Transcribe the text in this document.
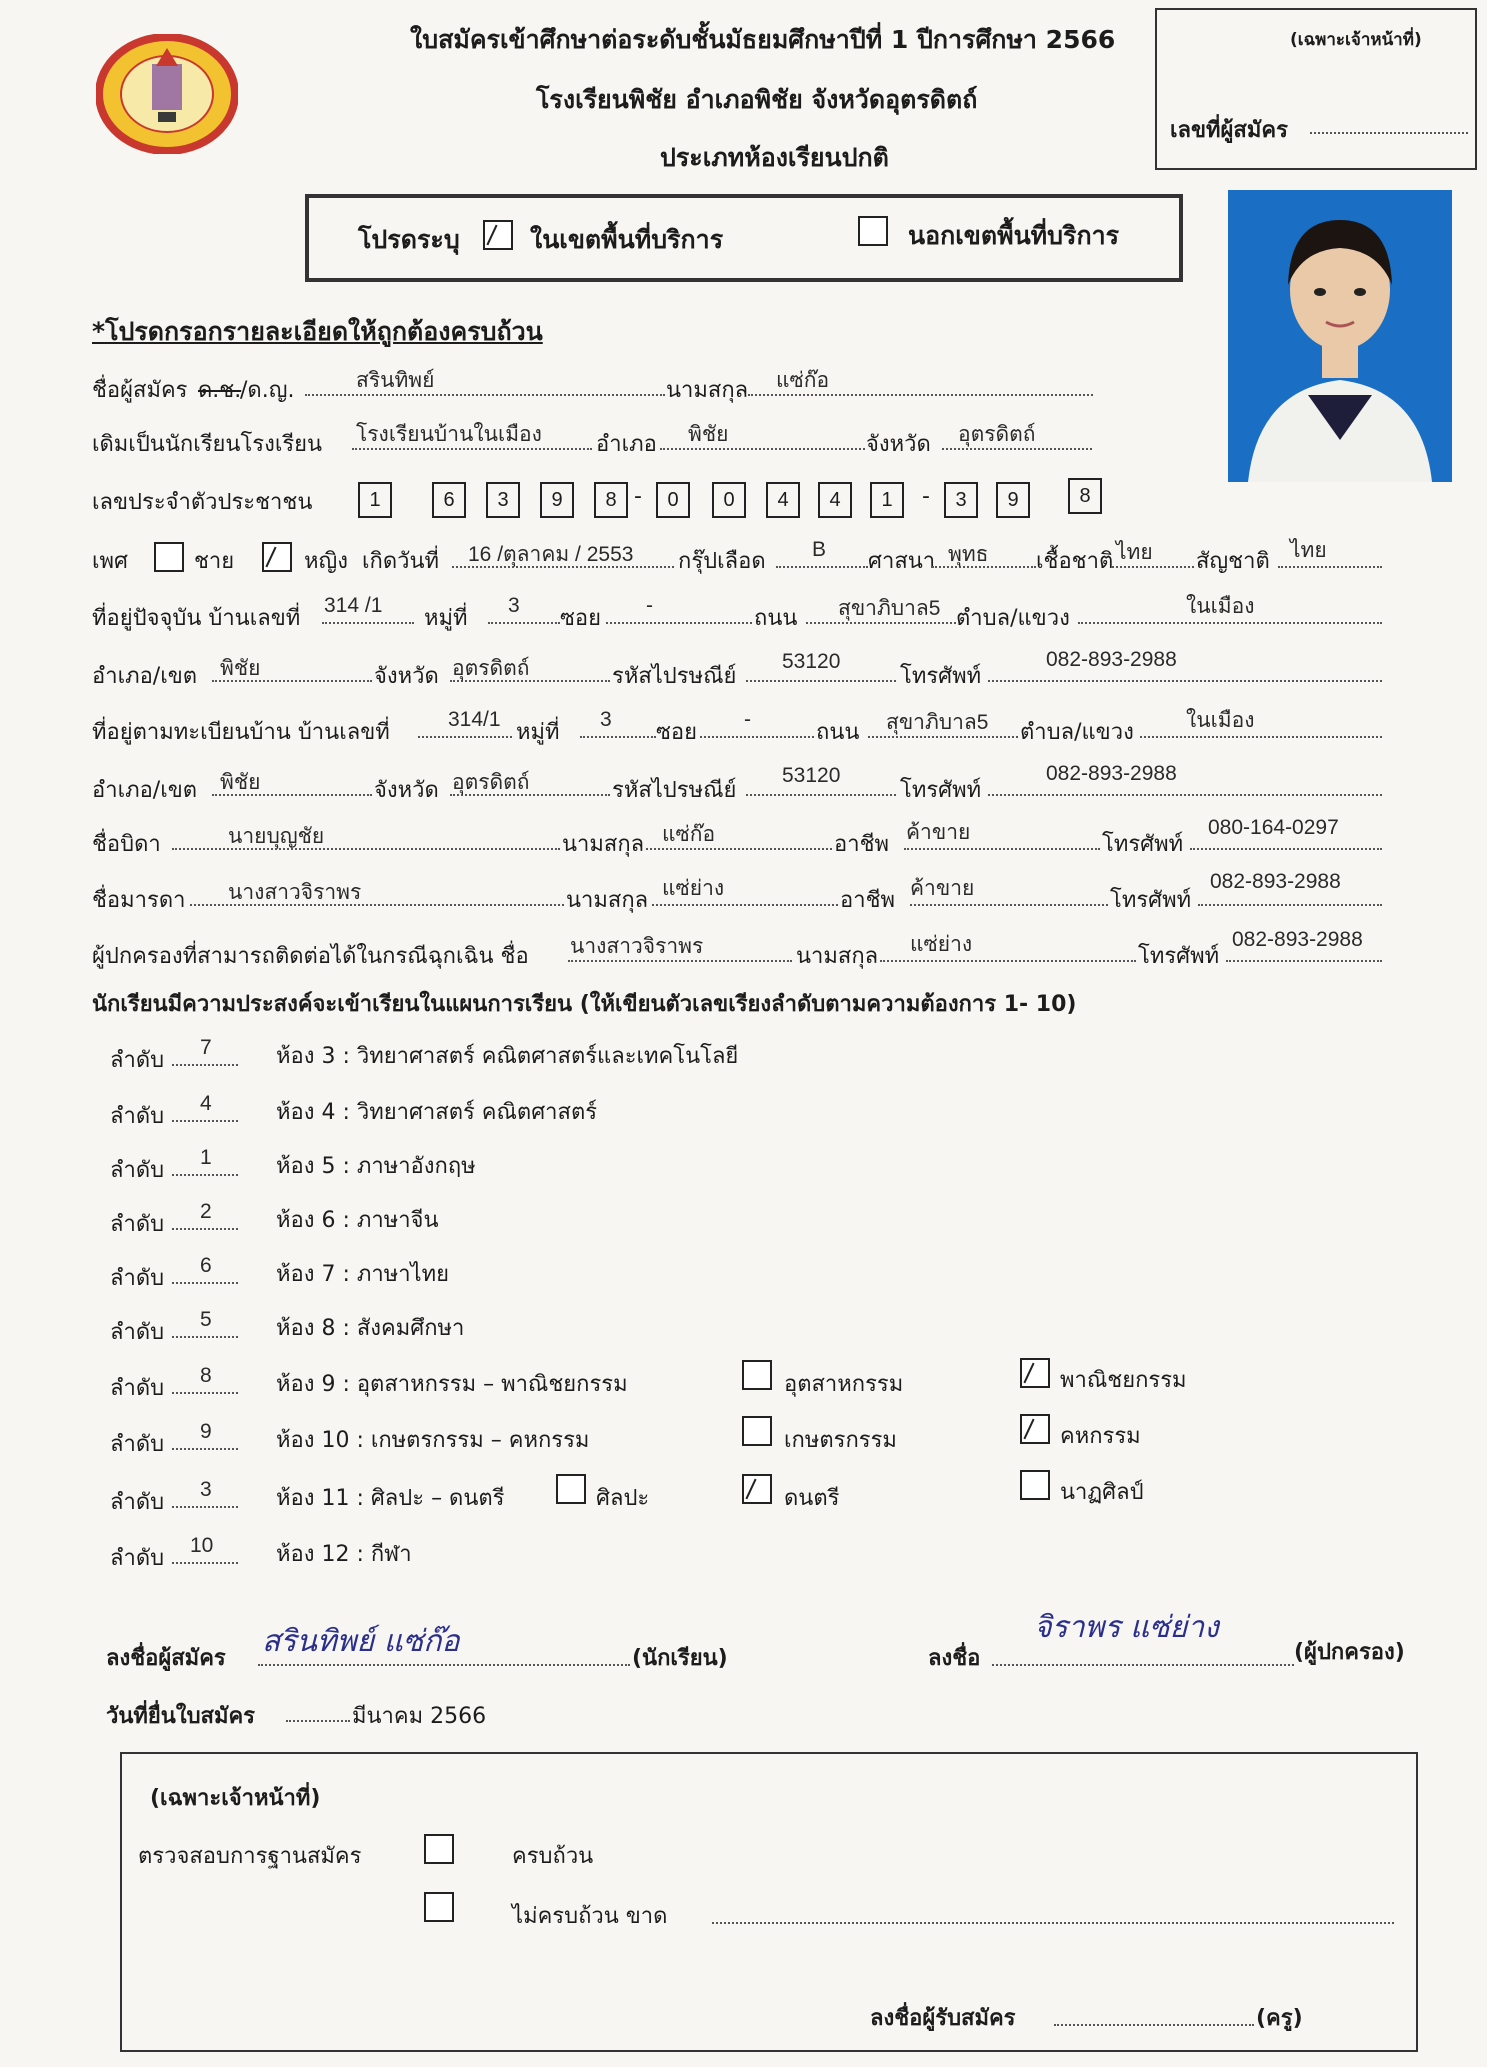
ใบสมัครเข้าศึกษาต่อระดับชั้นมัธยมศึกษาปีที่ 1 ปีการศึกษา 2566
โรงเรียนพิชัย อำเภอพิชัย จังหวัดอุตรดิตถ์
ประเภทห้องเรียนปกติ
(เฉพาะเจ้าหน้าที่)
เลขที่ผู้สมัคร
โปรดระบุ	ในเขตพื้นที่บริการ	นอกเขตพื้นที่บริการ
*โปรดกรอกรายละเอียดให้ถูกต้องครบถ้วน
ชื่อผู้สมัคร ด.ช.
/ด.ญ.	สรินทิพย์	นามสกุล แซ่ก๊อ
เดิมเป็นนักเรียนโรงเรียน โรงเรียนบ้านในเมือง อำเภอ พิชัย	จังหวัด อุตรดิตถ์
เลขประจำตัวประชาชน	1	6	3	9	8 -	0	0	4	4	1	-	3	9	8
เพศ	ชาย	หญิง เกิดวันที่ 16 /ตุลาคม / 2553 กรุ๊ปเลือด B ศาสนา พุทธ เชื้อชาติ ไทย สัญชาติ ไทย
ที่อยู่ปัจจุบัน บ้านเลขที่
314 /1
หมู่ที่
3
ซอย
-
ถนน สุขาภิบาล5 ตำบล/แขวง	ในเมือง
อำเภอ/เขต พิชัย	จังหวัด อุตรดิตถ์	รหัสไปรษณีย์
53120
โทรศัพท์
082-893-2988
ที่อยู่ตามทะเบียนบ้าน บ้านเลขที่
314/1
หมู่ที่
3
ซอย
-
ถนน สุขาภิบาล5 ตำบล/แขวง ในเมือง
อำเภอ/เขต พิชัย	จังหวัด อุตรดิตถ์	รหัสไปรษณีย์
53120
โทรศัพท์
082-893-2988
ชื่อบิดา	นายบุญชัย	นามสกุล แซ่ก๊อ	อาชีพ ค้าขาย	โทรศัพท์
080-164-0297
ชื่อมารดา นางสาวจิราพร	นามสกุล แซ่ย่าง	อาชีพ ค้าขาย	โทรศัพท์
082-893-2988
ผู้ปกครองที่สามารถติดต่อได้ในกรณีฉุกเฉิน ชื่อ นางสาวจิราพร	นามสกุล แซ่ย่าง	โทรศัพท์
082-893-2988
นักเรียนมีความประสงค์จะเข้าเรียนในแผนการเรียน (ให้เขียนตัวเลขเรียงลำดับตามความต้องการ 1- 10)
ลำดับ
7	ห้อง 3 : วิทยาศาสตร์ คณิตศาสตร์และเทคโนโลยี
ลำดับ
4	ห้อง 4 : วิทยาศาสตร์ คณิตศาสตร์
ลำดับ
1	ห้อง 5 : ภาษาอังกฤษ
ลำดับ
2	ห้อง 6 : ภาษาจีน
ลำดับ
6	ห้อง 7 : ภาษาไทย
ลำดับ
5	ห้อง 8 : สังคมศึกษา
ลำดับ
8	ห้อง 9 : อุตสาหกรรม – พาณิชยกรรม	อุตสาหกรรม	พาณิชยกรรม
ลำดับ
9	ห้อง 10 : เกษตรกรรม – คหกรรม	เกษตรกรรม	คหกรรม
ลำดับ
3	ห้อง 11 : ศิลปะ – ดนตรี	ศิลปะ	ดนตรี	นาฏศิลป์
ลำดับ
10	ห้อง 12 : กีฬา
ลงชื่อผู้สมัคร สรินทิพย์ แซ่ก๊อ	(นักเรียน)	ลงชื่อ
จิราพร แซ่ย่าง
(ผู้ปกครอง)
วันที่ยื่นใบสมัคร	มีนาคม 2566
(เฉพาะเจ้าหน้าที่)
ตรวจสอบการฐานสมัคร	ครบถ้วน
ไม่ครบถ้วน ขาด
ลงชื่อผู้รับสมัคร	(ครู)
